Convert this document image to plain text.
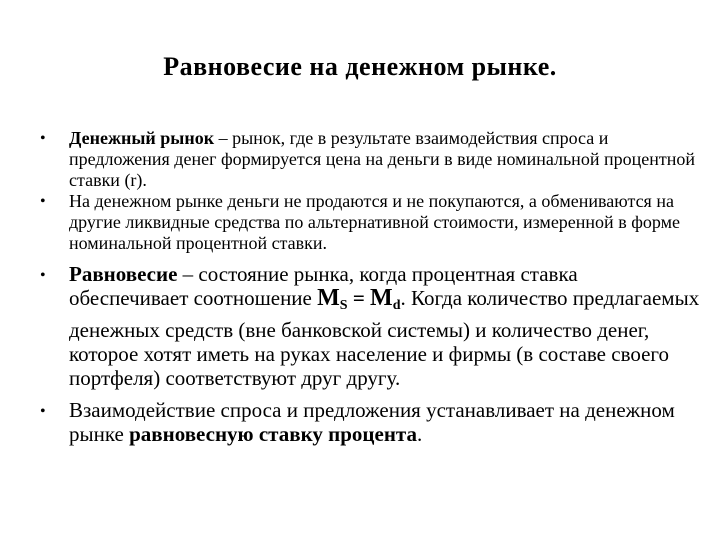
Равновесие на денежном рынке.
• Денежный рынок – рынок, где в результате взаимодействия спроса и предложения денег формируется цена на деньги в виде номинальной процентной ставки (r).
• На денежном рынке деньги не продаются и не покупаются, а обмениваются на другие ликвидные средства по альтернативной стоимости, измеренной в форме номинальной процентной ставки.
• Равновесие – состояние рынка, когда процентная ставка обеспечивает соотношение $M_S = M_d$. Когда количество предлагаемых денежных средств (вне банковской системы) и количество денег, которое хотят иметь на руках население и фирмы (в составе своего портфеля) соответствуют друг другу.
• Взаимодействие спроса и предложения устанавливает на денежном рынке равновесную ставку процента.
